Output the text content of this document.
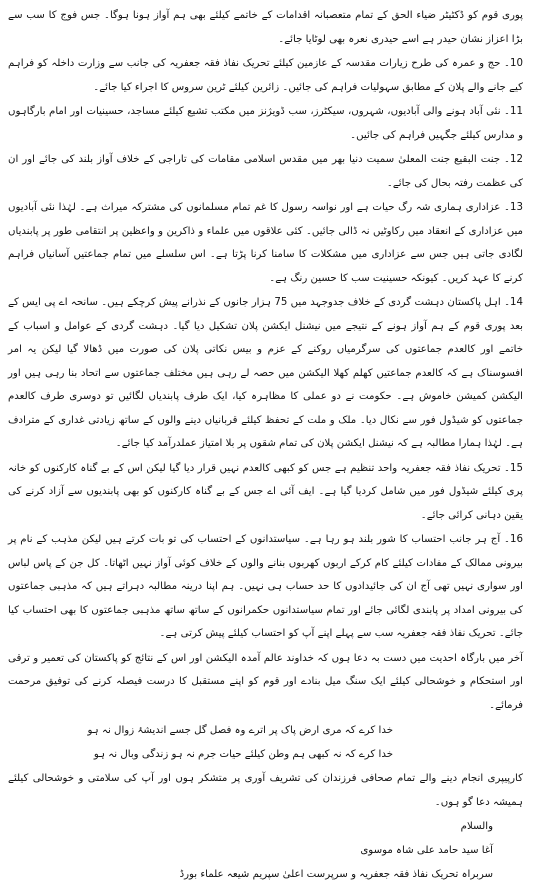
پوری قوم کو ڈکٹیٹر ضیاء الحق کے تمام متعصبانہ اقدامات کے خاتمے کیلئے بھی ہم آواز ہونا ہوگا۔ جس فوج کا سب سے بڑا اعزاز نشان حیدر ہے اسے حیدری نعرہ بھی لوٹایا جائے۔

10۔ حج و عمرہ کی طرح زیارات مقدسہ کے عازمین کیلئے تحریک نفاذ فقہ جعفریہ کی جانب سے وزارت داخلہ کو فراہم کیے جانے والے پلان کے مطابق سہولیات فراہم کی جائیں۔ زائرین کیلئے ٹرین سروس کا اجراء کیا جائے۔

11۔ نئی آباد ہونے والی آبادیوں، شہروں، سیکٹرز، سب ڈویژنز میں مکتب تشیع کیلئے مساجد، حسینیات اور امام بارگاہوں و مدارس کیلئے جگہیں فراہم کی جائیں۔

12۔ جنت البقیع جنت المعلیٰ سمیت دنیا بھر میں مقدس اسلامی مقامات کی تاراجی کے خلاف آواز بلند کی جائے اور ان کی عظمت رفتہ بحال کی جائے۔

13۔ عزاداری ہماری شہ رگ حیات ہے اور نواسہ رسول کا غم تمام مسلمانوں کی مشترکہ میراث ہے۔ لہٰذا نئی آبادیوں میں عزاداری کے انعقاد میں رکاوٹیں نہ ڈالی جائیں۔ کئی علاقوں میں علماء و ذاکرین و واعظین پر انتقامی طور پر پابندیاں لگادی جاتی ہیں جس سے عزاداری میں مشکلات کا سامنا کرنا پڑتا ہے۔ اس سلسلے میں تمام جماعتیں آسانیاں فراہم کرنے کا عہد کریں۔ کیونکہ حسینیت سب کا حسین رنگ ہے۔

14۔ اہل پاکستان دہشت گردی کے خلاف جدوجہد میں 75 ہزار جانوں کے نذرانے پیش کرچکے ہیں۔ سانحہ اے پی ایس کے بعد پوری قوم کے ہم آواز ہونے کے نتیجے میں نیشنل ایکشن پلان تشکیل دیا گیا۔ دہشت گردی کے عوامل و اسباب کے خاتمے اور کالعدم جماعتوں کی سرگرمیاں روکنے کے عزم و بیس نکاتی پلان کی صورت میں ڈھالا گیا لیکن یہ امر افسوسناک ہے کہ کالعدم جماعتیں کھلم کھلا الیکشن میں حصہ لے رہی ہیں مختلف جماعتوں سے اتحاد بنا رہی ہیں اور الیکشن کمیشن خاموش ہے۔ حکومت نے دو عملی کا مظاہرہ کیا، ایک طرف پابندیاں لگائیں تو دوسری طرف کالعدم جماعتوں کو شیڈول فور سے نکال دیا۔ ملک و ملت کے تحفظ کیلئے قربانیاں دینے والوں کے ساتھ زیادتی غداری کے مترادف ہے۔ لہٰذا ہمارا مطالبہ ہے کہ نیشنل ایکشن پلان کی تمام شقوں پر بلا امتیاز عملدرآمد کیا جائے۔

15۔ تحریک نفاذ فقہ جعفریہ واحد تنظیم ہے جس کو کبھی کالعدم نہیں قرار دیا گیا لیکن اس کے بے گناہ کارکنوں کو خانہ پری کیلئے شیڈول فور میں شامل کردیا گیا ہے۔ ایف آئی اے جس کے بے گناہ کارکنوں کو بھی پابندیوں سے آزاد کرنے کی یقین دہانی کرائی جائے۔

16۔ آج ہر جانب احتساب کا شور بلند ہو رہا ہے۔ سیاستدانوں کے احتساب کی تو بات کرتے ہیں لیکن مذہب کے نام پر بیرونی ممالک کے مفادات کیلئے کام کرکے اربوں کھربوں بنانے والوں کے خلاف کوئی آواز نہیں اٹھاتا۔ کل جن کے پاس لباس اور سواری نہیں تھی آج ان کی جائیدادوں کا حد حساب ہی نہیں۔ ہم اپنا درینہ مطالبہ دہراتے ہیں کہ مذہبی جماعتوں کی بیرونی امداد پر پابندی لگائی جائے اور تمام سیاستدانوں حکمرانوں کے ساتھ ساتھ مذہبی جماعتوں کا بھی احتساب کیا جائے۔ تحریک نفاذ فقہ جعفریہ سب سے پہلے اپنے آپ کو احتساب کیلئے پیش کرتی ہے۔

آخر میں بارگاہ احدیت میں دست بہ دعا ہوں کہ خداوند عالم آمدہ الیکشن اور اس کے نتائج کو پاکستان کی تعمیر و ترقی اور استحکام و خوشحالی کیلئے ایک سنگ میل بنادے اور قوم کو اپنے مستقبل کا درست فیصلہ کرنے کی توفیق مرحمت فرمائے۔

خدا کرے کہ مری ارض پاک پر اترے وہ فصل گل جسے اندیشۂ زوال نہ ہو
خدا کرے کہ نہ کبھی ہم وطن کیلئے حیات جرم نہ ہو زندگی وبال نہ ہو

کارپیپری انجام دینے والے تمام صحافی فرزندان کی تشریف آوری پر متشکر ہوں اور آپ کی سلامتی و خوشحالی کیلئے ہمیشہ دعا گو ہوں۔

والسلام
آغا سید حامد علی شاہ موسوی
سربراہ تحریک نفاذ فقہ جعفریہ و سرپرست اعلیٰ سپریم شیعہ علماء بورڈ
